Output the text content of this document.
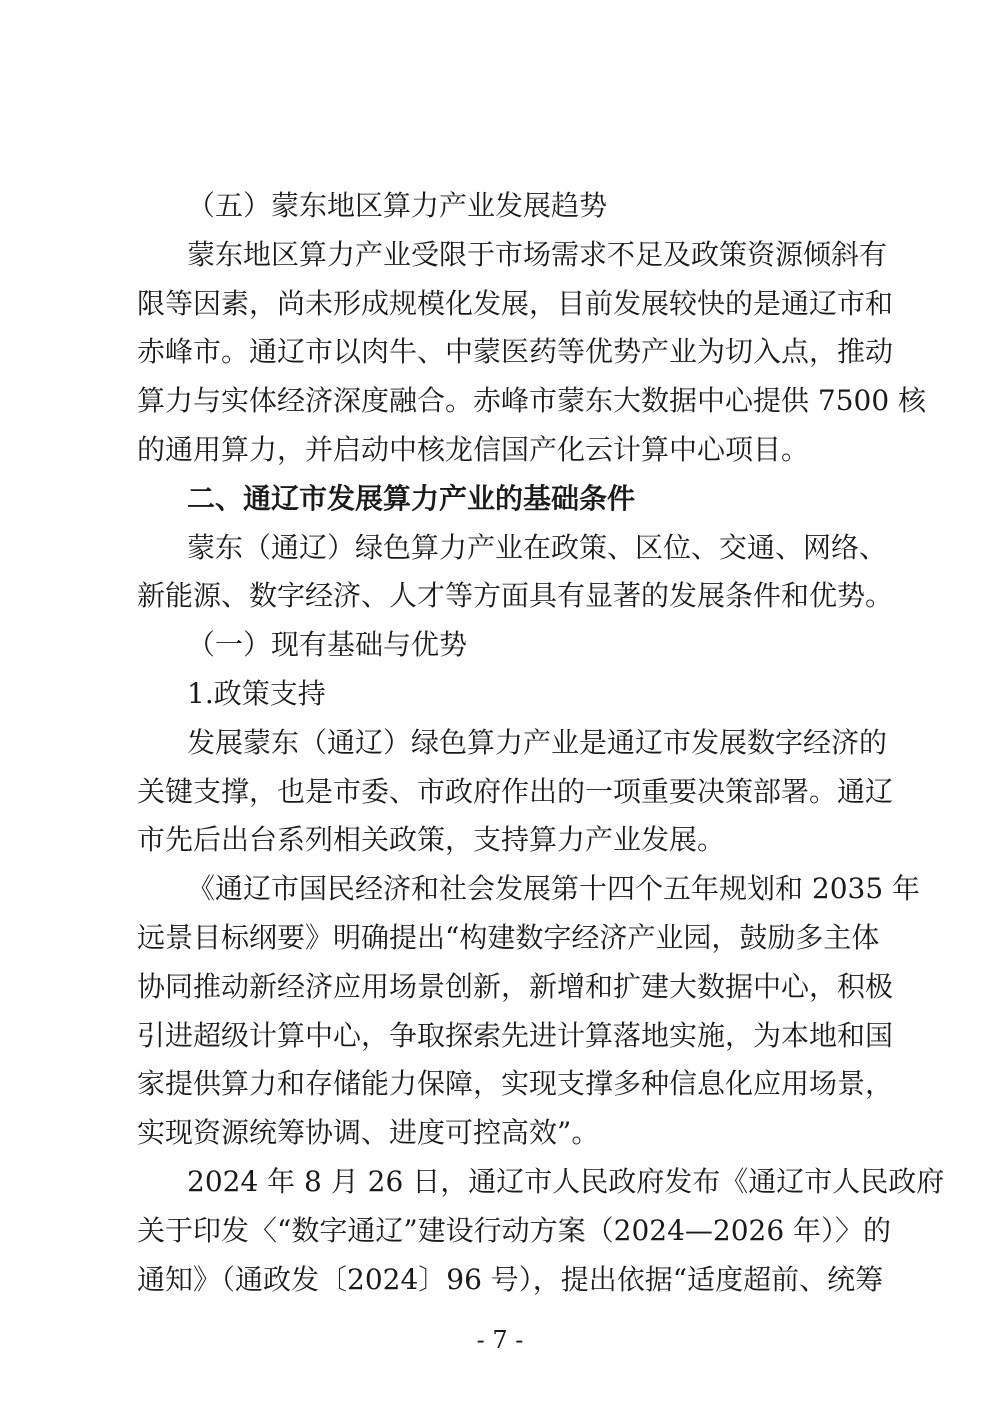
（五）蒙东地区算力产业发展趋势
蒙东地区算力产业受限于市场需求不足及政策资源倾斜有
限等因素，尚未形成规模化发展，目前发展较快的是通辽市和
赤峰市。通辽市以肉牛、中蒙医药等优势产业为切入点，推动
算力与实体经济深度融合。赤峰市蒙东大数据中心提供 7500 核
的通用算力，并启动中核龙信国产化云计算中心项目。
二、通辽市发展算力产业的基础条件
蒙东（通辽）绿色算力产业在政策、区位、交通、网络、
新能源、数字经济、人才等方面具有显著的发展条件和优势。
（一）现有基础与优势
1.政策支持
发展蒙东（通辽）绿色算力产业是通辽市发展数字经济的
关键支撑，也是市委、市政府作出的一项重要决策部署。通辽
市先后出台系列相关政策，支持算力产业发展。
《通辽市国民经济和社会发展第十四个五年规划和 2035 年
远景目标纲要》明确提出“构建数字经济产业园，鼓励多主体
协同推动新经济应用场景创新，新增和扩建大数据中心，积极
引进超级计算中心，争取探索先进计算落地实施，为本地和国
家提供算力和存储能力保障，实现支撑多种信息化应用场景，
实现资源统筹协调、进度可控高效”。
2024 年 8 月 26 日，通辽市人民政府发布《通辽市人民政府
关于印发〈“数字通辽”建设行动方案（2024—2026 年）〉的
通知》（通政发〔2024〕96 号），提出依据“适度超前、统筹
- 7 -
